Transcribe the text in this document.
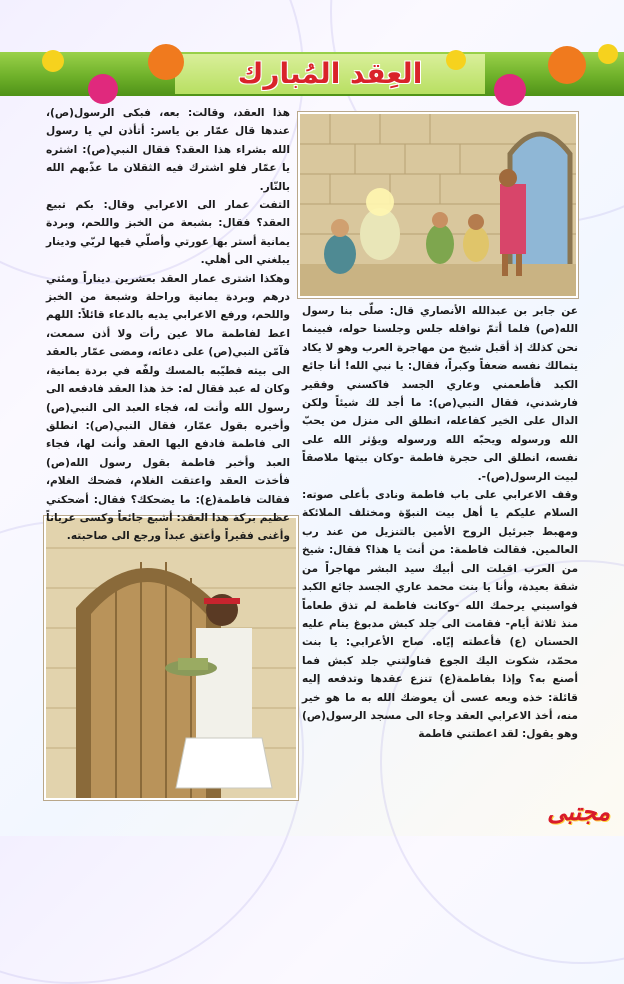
العِقد المُبارك

هذا العقد، وقالت: بعه، فبكى الرسول(ص)، عندها قال عمّار بن ياسر: أتأذن لي يا رسول الله بشراء هذا العقد؟ فقال النبي(ص): اشتره يا عمّار فلو اشترك فيه الثقلان ما عذّبهم الله بالنّار.

التفت عمار الى الاعرابي وقال: بكم تبيع العقد؟ فقال: بشبعة من الخبز واللحم، وبردة يمانية أستر بها عورتي وأصلّي فيها لربّي ودينار يبلغني الى أهلي.

وهكذا اشترى عمار العقد بعشرين ديناراً ومئتي درهم وبردة يمانية وراحلة وشبعة من الخبز واللحم، ورفع الاعرابي يديه بالدعاء قائلاً: اللهم اعط لفاطمة مالا عين رأت ولا أذن سمعت، فآمّن النبي(ص) على دعائه، ومضى عمّار بالعقد الى بيته فطيّبه بالمسك ولفّه في بردة يمانية، وكان له عبد فقال له: خذ هذا العقد فادفعه الى رسول الله وأنت له، فجاء العبد الى النبي(ص) وأخبره بقول عمّار، فقال النبي(ص): انطلق الى فاطمة فادفع اليها العقد وأنت لها، فجاء العبد وأخبر فاطمة بقول رسول الله(ص) فأخذت العقد واعتقت الغلام، فضحك الغلام، فقالت فاطمة(ع): ما يضحكك؟ فقال: أضحكني عظيم بركة هذا العقد: أشبع جائعاً وكسى عرياناً وأغنى فقيراً وأعتق عبداً ورجع الى صاحبته.

عن جابر بن عبدالله الأنصاري قال: صلّى بنا رسول الله(ص) فلما أتمّ نوافله جلس وجلسنا حوله، فبينما نحن كذلك إذ أقبل شيخ من مهاجرة العرب وهو لا يكاد يتمالك نفسه ضعفاً وكبراً، فقال: يا نبي الله! أنا جائع الكبد فأطعمني وعاري الجسد فاكسني وفقير فارشدني، فقال النبي(ص): ما أجد لك شيئاً ولكن الدال على الخير كفاعله، انطلق الى منزل من يحبّ الله ورسوله ويحبّه الله ورسوله ويؤثر الله على نفسه، انطلق الى حجرة فاطمة -وكان بيتها ملاصقاً لبيت الرسول(ص)-.

وقف الاعرابي على باب فاطمة ونادى بأعلى صوته: السلام عليكم يا أهل بيت النبوّة ومختلف الملائكة ومهبط جبرئيل الروح الأمين بالتنزيل من عند رب العالمين. فقالت فاطمة: من أنت يا هذا؟ فقال: شيخ من العرب اقبلت الى أبيك سيد البشر مهاجراً من شقة بعيدة، وأنا يا بنت محمد عاري الجسد جائع الكبد فواسيني يرحمك الله -وكانت فاطمة لم تذق طعاماً منذ ثلاثة أيام- فقامت الى جلد كبش مدبوغ ينام عليه الحسنان (ع) فأعطته إيّاه. صاح الأعرابي: يا بنت محمّد، شكوت اليك الجوع فناولتني جلد كبش فما أصنع به؟ وإذا بفاطمة(ع) تنزع عقدها وتدفعه إليه قائلة: خذه وبعه عسى أن يعوضك الله به ما هو خير منه، أخذ الاعرابي العقد وجاء الى مسجد الرسول(ص) وهو يقول: لقد اعطتني فاطمة

مجتبى
